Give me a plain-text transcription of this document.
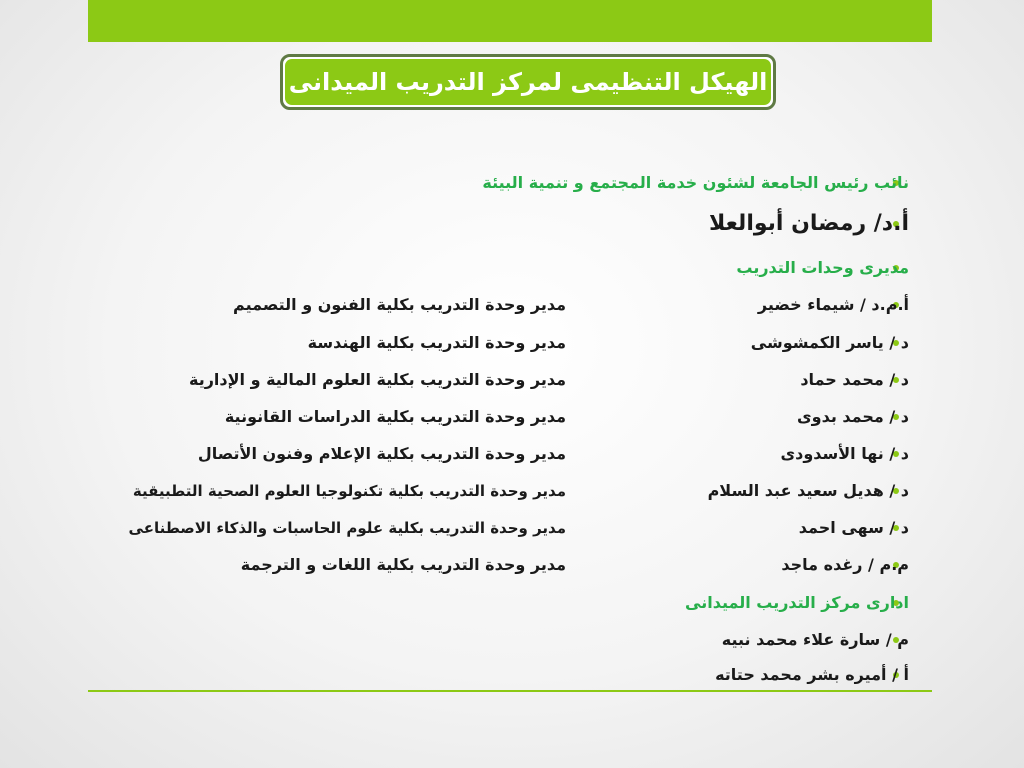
الهيكل التنظيمى لمركز التدريب الميدانى
نائب رئيس الجامعة لشئون خدمة المجتمع و تنمية البيئة
أ.د/ رمضان أبوالعلا
مديرى وحدات التدريب
أ.م.د / شيماء خضير
مدير وحدة التدريب بكلية الفنون و التصميم
د / ياسر الكمشوشى
مدير وحدة التدريب بكلية الهندسة
د / محمد حماد
مدير وحدة التدريب بكلية العلوم المالية و الإدارية
د / محمد بدوى
مدير وحدة التدريب بكلية الدراسات القانونية
د / نها الأسدودى
مدير وحدة التدريب بكلية الإعلام وفنون الأتصال
د / هديل سعيد عبد السلام
مدير وحدة التدريب بكلية تكنولوجيا العلوم الصحية التطبيقية
د / سهى احمد
مدير وحدة التدريب بكلية علوم الحاسبات والذكاء الاصطناعى
م.م / رغده ماجد
مدير وحدة التدريب بكلية اللغات و الترجمة
ادارى مركز التدريب الميدانى
م / سارة علاء محمد نبيه
أ / أميره بشر محمد حتاته
